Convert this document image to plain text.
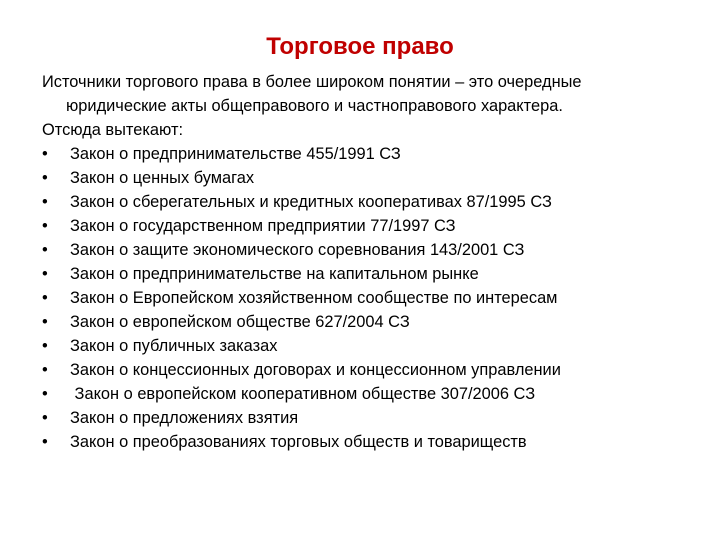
Торговое право

Источники торгового права в более широком понятии – это очередные юридические акты общеправового и частноправового характера.

Отсюда вытекают:

• Закон о предпринимательстве 455/1991 СЗ
• Закон о ценных бумагах
• Закон о сберегательных и кредитных кооперативах 87/1995 СЗ
• Закон о государственном предприятии 77/1997 СЗ
• Закон о защите экономического соревнования 143/2001 СЗ
• Закон о предпринимательстве на капитальном рынке
• Закон о Европейском хозяйственном сообществе по интересам
• Закон о европейском обществе 627/2004 СЗ
• Закон о публичных заказах
• Закон о концессионных договорах и концессионном управлении
• Закон о европейском кооперативном обществе 307/2006 СЗ
• Закон о предложениях взятия
• Закон о преобразованиях торговых обществ и товариществ
